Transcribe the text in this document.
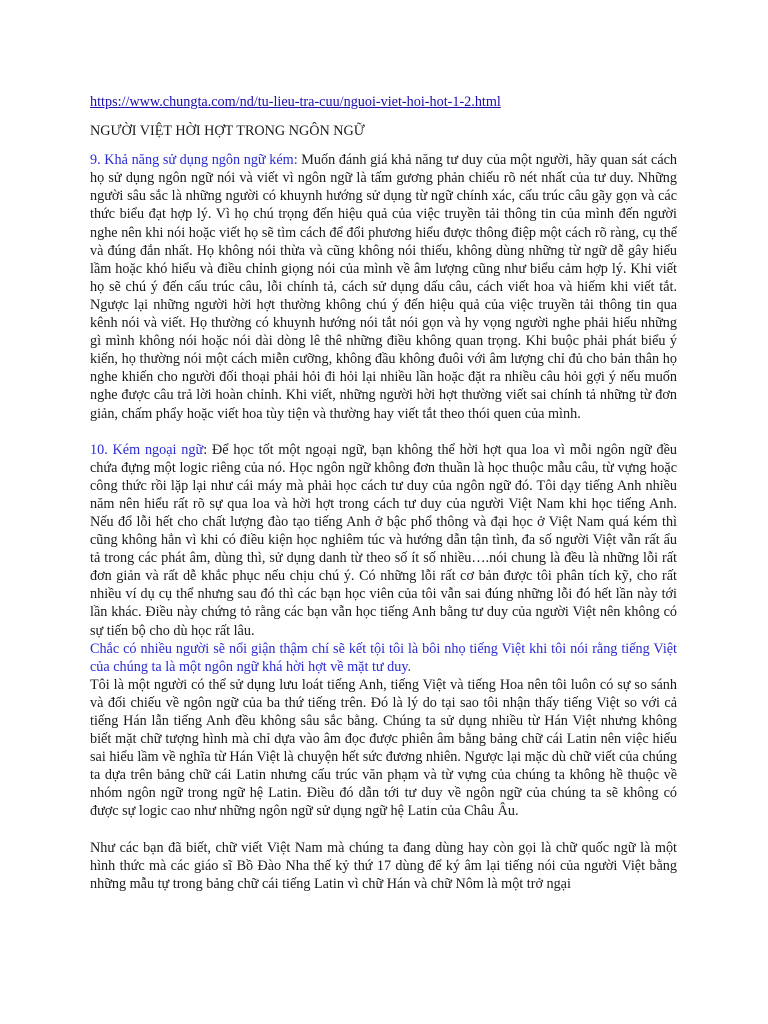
https://www.chungta.com/nd/tu-lieu-tra-cuu/nguoi-viet-hoi-hot-1-2.html
NGƯỜI VIỆT HỜI HỢT TRONG NGÔN NGỮ

9. Khả năng sử dụng ngôn ngữ kém: Muốn đánh giá khả năng tư duy của một người, hãy quan sát cách họ sử dụng ngôn ngữ nói và viết vì ngôn ngữ là tấm gương phản chiếu rõ nét nhất của tư duy. Những người sâu sắc là những người có khuynh hướng sử dụng từ ngữ chính xác, cấu trúc câu gãy gọn và các thức biểu đạt hợp lý. Vì họ chú trọng đến hiệu quả của việc truyền tải thông tin của mình đến người nghe nên khi nói hoặc viết họ sẽ tìm cách để đổi phương hiểu được thông điệp một cách rõ ràng, cụ thể và đúng đắn nhất. Họ không nói thừa và cũng không nói thiếu, không dùng những từ ngữ dễ gây hiểu lầm hoặc khó hiểu và điều chỉnh giọng nói của mình về âm lượng cũng như biểu cảm hợp lý. Khi viết họ sẽ chú ý đến cấu trúc câu, lỗi chính tả, cách sử dụng dấu câu, cách viết hoa và hiếm khi viết tắt. Ngược lại những người hời hợt thường không chú ý đến hiệu quả của việc truyền tải thông tin qua kênh nói và viết. Họ thường có khuynh hướng nói tắt nói gọn và hy vọng người nghe phải hiểu những gì mình không nói hoặc nói dài dòng lê thê những điều không quan trọng. Khi buộc phải phát biểu ý kiến, họ thường nói một cách miễn cưỡng, không đầu không đuôi với âm lượng chỉ đủ cho bản thân họ nghe khiến cho người đối thoại phải hỏi đi hỏi lại nhiều lần hoặc đặt ra nhiều câu hỏi gợi ý nếu muốn nghe được câu trả lời hoàn chỉnh. Khi viết, những người hời hợt thường viết sai chính tả những từ đơn giản, chấm phẩy hoặc viết hoa tùy tiện và thường hay viết tắt theo thói quen của mình.

10. Kém ngoại ngữ: Để học tốt một ngoại ngữ, bạn không thể hời hợt qua loa vì mỗi ngôn ngữ đều chứa đựng một logic riêng của nó. Học ngôn ngữ không đơn thuần là học thuộc mẫu câu, từ vựng hoặc công thức rồi lặp lại như cái máy mà phải học cách tư duy của ngôn ngữ đó. Tôi dạy tiếng Anh nhiều năm nên hiểu rất rõ sự qua loa và hời hợt trong cách tư duy của người Việt Nam khi học tiếng Anh. Nếu đổ lỗi hết cho chất lượng đào tạo tiếng Anh ở bậc phổ thông và đại học ở Việt Nam quá kém thì cũng không hẳn vì khi có điều kiện học nghiêm túc và hướng dẫn tận tình, đa số người Việt vẫn rất ẩu tả trong các phát âm, dùng thì, sử dụng danh từ theo số ít số nhiều….nói chung là đều là những lỗi rất đơn giản và rất dễ khắc phục nếu chịu chú ý. Có những lỗi rất cơ bản được tôi phân tích kỹ, cho rất nhiều ví dụ cụ thể nhưng sau đó thì các bạn học viên của tôi vẫn sai đúng những lỗi đó hết lần này tới lần khác. Điều này chứng tỏ rằng các bạn vẫn học tiếng Anh bằng tư duy của người Việt nên không có sự tiến bộ cho dù học rất lâu.

Chắc có nhiều người sẽ nổi giận thậm chí sẽ kết tội tôi là bôi nhọ tiếng Việt khi tôi nói rằng tiếng Việt của chúng ta là một ngôn ngữ khá hời hợt về mặt tư duy.

Tôi là một người có thể sử dụng lưu loát tiếng Anh, tiếng Việt và tiếng Hoa nên tôi luôn có sự so sánh và đối chiếu về ngôn ngữ của ba thứ tiếng trên. Đó là lý do tại sao tôi nhận thấy tiếng Việt so với cả tiếng Hán lẫn tiếng Anh đều không sâu sắc bằng. Chúng ta sử dụng nhiều từ Hán Việt nhưng không biết mặt chữ tượng hình mà chỉ dựa vào âm đọc được phiên âm bằng bảng chữ cái Latin nên việc hiểu sai hiểu lầm về nghĩa từ Hán Việt là chuyện hết sức đương nhiên. Ngược lại mặc dù chữ viết của chúng ta dựa trên bảng chữ cái Latin nhưng cấu trúc văn phạm và từ vựng của chúng ta không hề thuộc về nhóm ngôn ngữ trong ngữ hệ Latin. Điều đó dẫn tới tư duy về ngôn ngữ của chúng ta sẽ không có được sự logic cao như những ngôn ngữ sử dụng ngữ hệ Latin của Châu Âu.

Như các bạn đã biết, chữ viết Việt Nam mà chúng ta đang dùng hay còn gọi là chữ quốc ngữ là một hình thức mà các giáo sĩ Bồ Đào Nha thế kỷ thứ 17 dùng để ký âm lại tiếng nói của người Việt bằng những mẫu tự trong bảng chữ cái tiếng Latin vì chữ Hán và chữ Nôm là một trở ngại
